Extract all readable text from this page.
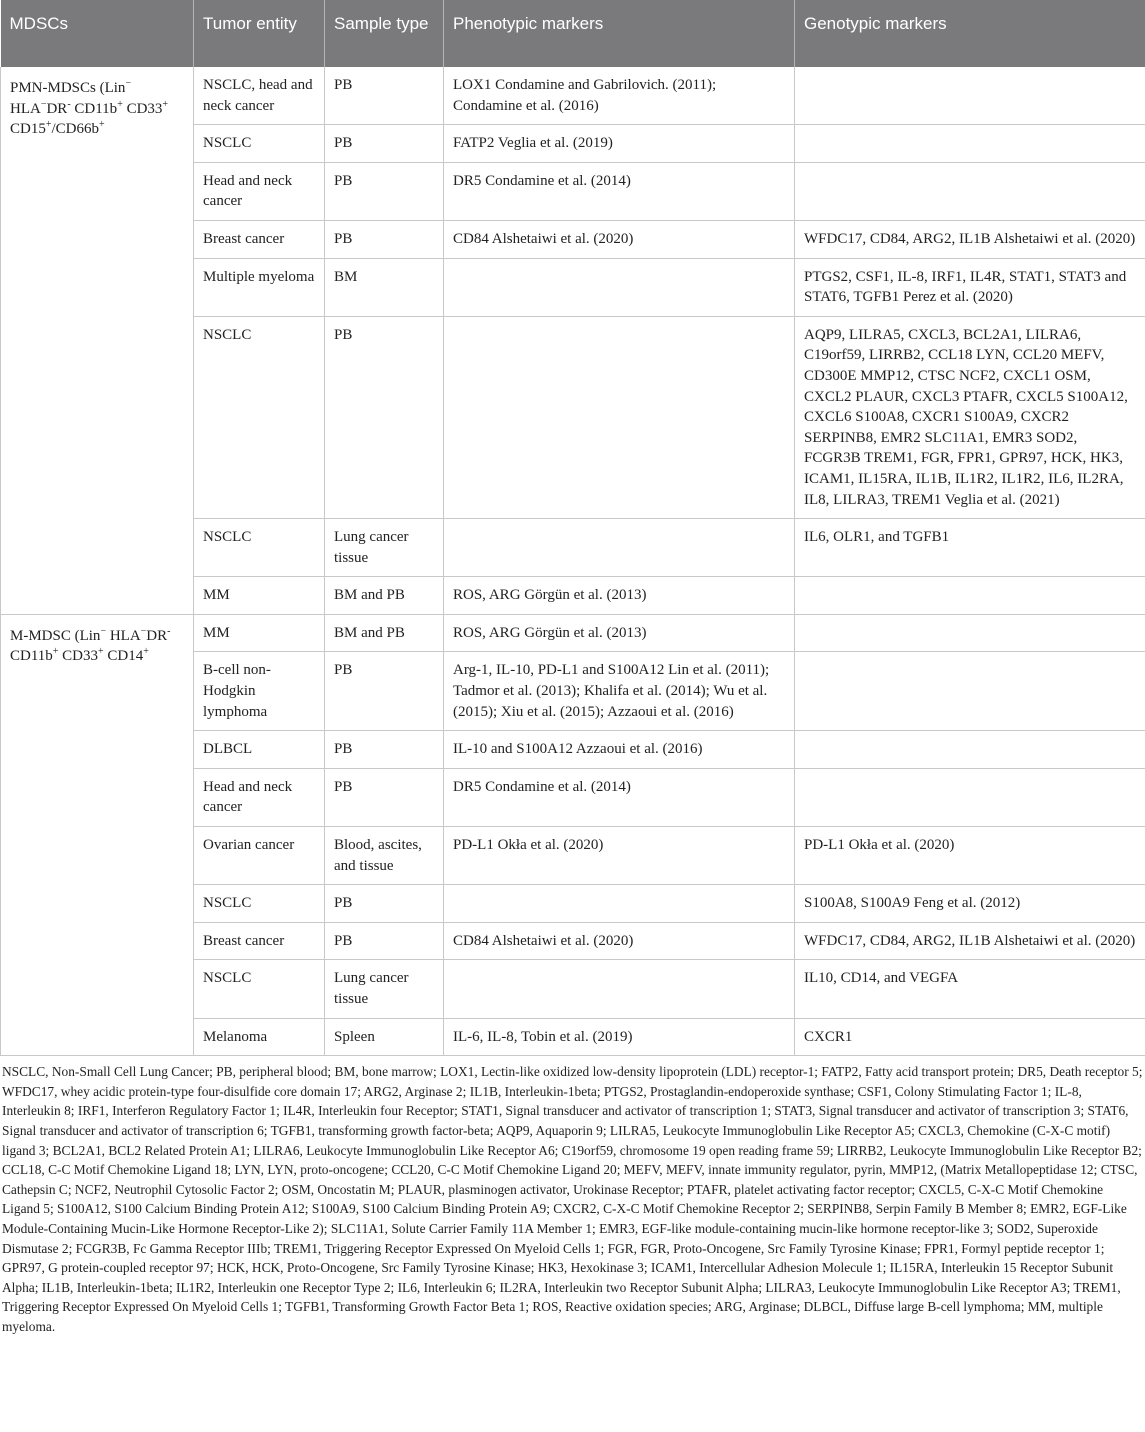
MDSCs	Tumor entity	Sample type	Phenotypic markers	Genotypic markers
PMN-MDSCs (Lin− HLA−DR- CD11b+ CD33+ CD15+/CD66b+	NSCLC, head and neck cancer	PB	LOX1 Condamine and Gabrilovich. (2011); Condamine et al. (2016)	
	NSCLC	PB	FATP2 Veglia et al. (2019)	
	Head and neck cancer	PB	DR5 Condamine et al. (2014)	
	Breast cancer	PB	CD84 Alshetaiwi et al. (2020)	WFDC17, CD84, ARG2, IL1B Alshetaiwi et al. (2020)
	Multiple myeloma	BM		PTGS2, CSF1, IL-8, IRF1, IL4R, STAT1, STAT3 and STAT6, TGFB1 Perez et al. (2020)
	NSCLC	PB		AQP9, LILRA5, CXCL3, BCL2A1, LILRA6, C19orf59, LIRRB2, CCL18 LYN, CCL20 MEFV, CD300E MMP12, CTSC NCF2, CXCL1 OSM, CXCL2 PLAUR, CXCL3 PTAFR, CXCL5 S100A12, CXCL6 S100A8, CXCR1 S100A9, CXCR2 SERPINB8, EMR2 SLC11A1, EMR3 SOD2, FCGR3B TREM1, FGR, FPR1, GPR97, HCK, HK3, ICAM1, IL15RA, IL1B, IL1R2, IL1R2, IL6, IL2RA, IL8, LILRA3, TREM1 Veglia et al. (2021)
	NSCLC	Lung cancer tissue		IL6, OLR1, and TGFB1
	MM	BM and PB	ROS, ARG Görgün et al. (2013)	
M-MDSC (Lin− HLA−DR- CD11b+ CD33+ CD14+	MM	BM and PB	ROS, ARG Görgün et al. (2013)	
	B-cell non-Hodgkin lymphoma	PB	Arg-1, IL-10, PD-L1 and S100A12 Lin et al. (2011); Tadmor et al. (2013); Khalifa et al. (2014); Wu et al. (2015); Xiu et al. (2015); Azzaoui et al. (2016)	
	DLBCL	PB	IL-10 and S100A12 Azzaoui et al. (2016)	
	Head and neck cancer	PB	DR5 Condamine et al. (2014)	
	Ovarian cancer	Blood, ascites, and tissue	PD-L1 Okła et al. (2020)	PD-L1 Okła et al. (2020)
	NSCLC	PB		S100A8, S100A9 Feng et al. (2012)
	Breast cancer	PB	CD84 Alshetaiwi et al. (2020)	WFDC17, CD84, ARG2, IL1B Alshetaiwi et al. (2020)
	NSCLC	Lung cancer tissue		IL10, CD14, and VEGFA
	Melanoma	Spleen	IL-6, IL-8, Tobin et al. (2019)	CXCR1
NSCLC, Non-Small Cell Lung Cancer; PB, peripheral blood; BM, bone marrow; LOX1, Lectin-like oxidized low-density lipoprotein (LDL) receptor-1; FATP2, Fatty acid transport protein; DR5, Death receptor 5; WFDC17, whey acidic protein-type four-disulfide core domain 17; ARG2, Arginase 2; IL1B, Interleukin-1beta; PTGS2, Prostaglandin-endoperoxide synthase; CSF1, Colony Stimulating Factor 1; IL-8, Interleukin 8; IRF1, Interferon Regulatory Factor 1; IL4R, Interleukin four Receptor; STAT1, Signal transducer and activator of transcription 1; STAT3, Signal transducer and activator of transcription 3; STAT6, Signal transducer and activator of transcription 6; TGFB1, transforming growth factor-beta; AQP9, Aquaporin 9; LILRA5, Leukocyte Immunoglobulin Like Receptor A5; CXCL3, Chemokine (C-X-C motif) ligand 3; BCL2A1, BCL2 Related Protein A1; LILRA6, Leukocyte Immunoglobulin Like Receptor A6; C19orf59, chromosome 19 open reading frame 59; LIRRB2, Leukocyte Immunoglobulin Like Receptor B2; CCL18, C-C Motif Chemokine Ligand 18; LYN, LYN, proto-oncogene; CCL20, C-C Motif Chemokine Ligand 20; MEFV, MEFV, innate immunity regulator, pyrin, MMP12, (Matrix Metallopeptidase 12; CTSC, Cathepsin C; NCF2, Neutrophil Cytosolic Factor 2; OSM, Oncostatin M; PLAUR, plasminogen activator, Urokinase Receptor; PTAFR, platelet activating factor receptor; CXCL5, C-X-C Motif Chemokine Ligand 5; S100A12, S100 Calcium Binding Protein A12; S100A9, S100 Calcium Binding Protein A9; CXCR2, C-X-C Motif Chemokine Receptor 2; SERPINB8, Serpin Family B Member 8; EMR2, EGF-Like Module-Containing Mucin-Like Hormone Receptor-Like 2); SLC11A1, Solute Carrier Family 11A Member 1; EMR3, EGF-like module-containing mucin-like hormone receptor-like 3; SOD2, Superoxide Dismutase 2; FCGR3B, Fc Gamma Receptor IIIb; TREM1, Triggering Receptor Expressed On Myeloid Cells 1; FGR, FGR, Proto-Oncogene, Src Family Tyrosine Kinase; FPR1, Formyl peptide receptor 1; GPR97, G protein-coupled receptor 97; HCK, HCK, Proto-Oncogene, Src Family Tyrosine Kinase; HK3, Hexokinase 3; ICAM1, Intercellular Adhesion Molecule 1; IL15RA, Interleukin 15 Receptor Subunit Alpha; IL1B, Interleukin-1beta; IL1R2, Interleukin one Receptor Type 2; IL6, Interleukin 6; IL2RA, Interleukin two Receptor Subunit Alpha; LILRA3, Leukocyte Immunoglobulin Like Receptor A3; TREM1, Triggering Receptor Expressed On Myeloid Cells 1; TGFB1, Transforming Growth Factor Beta 1; ROS, Reactive oxidation species; ARG, Arginase; DLBCL, Diffuse large B-cell lymphoma; MM, multiple myeloma.
